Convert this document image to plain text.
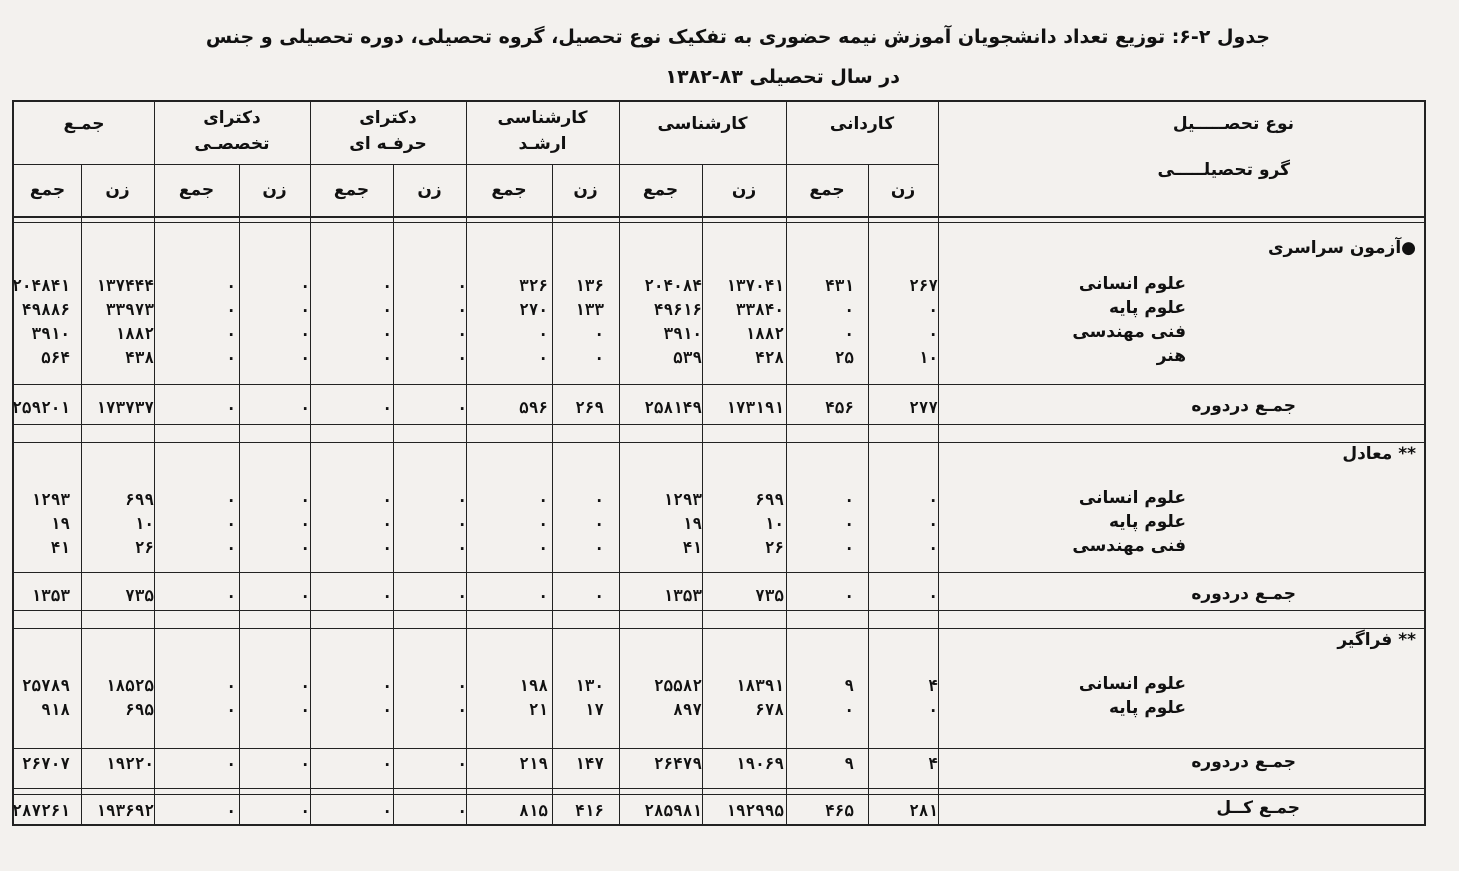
جدول ۲-۶: توزیع تعداد دانشجویان آموزش نیمه حضوری به تفکیک نوع تحصیل، گروه تحصیلی، دوره تحصیلی و جنس
در سال تحصیلی ۸۳-۱۳۸۲
نوع تحصـــــیل
گرو تحصیلـــــی
کاردانی
کارشناسی
کارشناسی
ارشـد
دکترای
حرفـه ای
دکترای
تخصصـی
جمـع
زن
جمع
زن
جمع
زن
جمع
زن
جمع
زن
جمع
زن
جمع
●آزمون سراسری
علوم انسانی
۲۶۷
۴۳۱
۱۳۷۰۴۱
۲۰۴۰۸۴
۱۳۶
۳۲۶
۰
۰
۰
۰
۱۳۷۴۴۴
۲۰۴۸۴۱
علوم پایه
۰
۰
۳۳۸۴۰
۴۹۶۱۶
۱۳۳
۲۷۰
۰
۰
۰
۰
۳۳۹۷۳
۴۹۸۸۶
فنی مهندسی
۰
۰
۱۸۸۲
۳۹۱۰
۰
۰
۰
۰
۰
۰
۱۸۸۲
۳۹۱۰
هنر
۱۰
۲۵
۴۲۸
۵۳۹
۰
۰
۰
۰
۰
۰
۴۳۸
۵۶۴
جمـع دردوره
۲۷۷
۴۵۶
۱۷۳۱۹۱
۲۵۸۱۴۹
۲۶۹
۵۹۶
۰
۰
۰
۰
۱۷۳۷۳۷
۲۵۹۲۰۱
** معادل
علوم انسانی
۰
۰
۶۹۹
۱۲۹۳
۰
۰
۰
۰
۰
۰
۶۹۹
۱۲۹۳
علوم پایه
۰
۰
۱۰
۱۹
۰
۰
۰
۰
۰
۰
۱۰
۱۹
فنی مهندسی
۰
۰
۲۶
۴۱
۰
۰
۰
۰
۰
۰
۲۶
۴۱
جمـع دردوره
۰
۰
۷۳۵
۱۳۵۳
۰
۰
۰
۰
۰
۰
۷۳۵
۱۳۵۳
** فراگیر
علوم انسانی
۴
۹
۱۸۳۹۱
۲۵۵۸۲
۱۳۰
۱۹۸
۰
۰
۰
۰
۱۸۵۲۵
۲۵۷۸۹
علوم پایه
۰
۰
۶۷۸
۸۹۷
۱۷
۲۱
۰
۰
۰
۰
۶۹۵
۹۱۸
جمـع دردوره
۴
۹
۱۹۰۶۹
۲۶۴۷۹
۱۴۷
۲۱۹
۰
۰
۰
۰
۱۹۲۲۰
۲۶۷۰۷
جمـع کــل
۲۸۱
۴۶۵
۱۹۲۹۹۵
۲۸۵۹۸۱
۴۱۶
۸۱۵
۰
۰
۰
۰
۱۹۳۶۹۲
۲۸۷۲۶۱
